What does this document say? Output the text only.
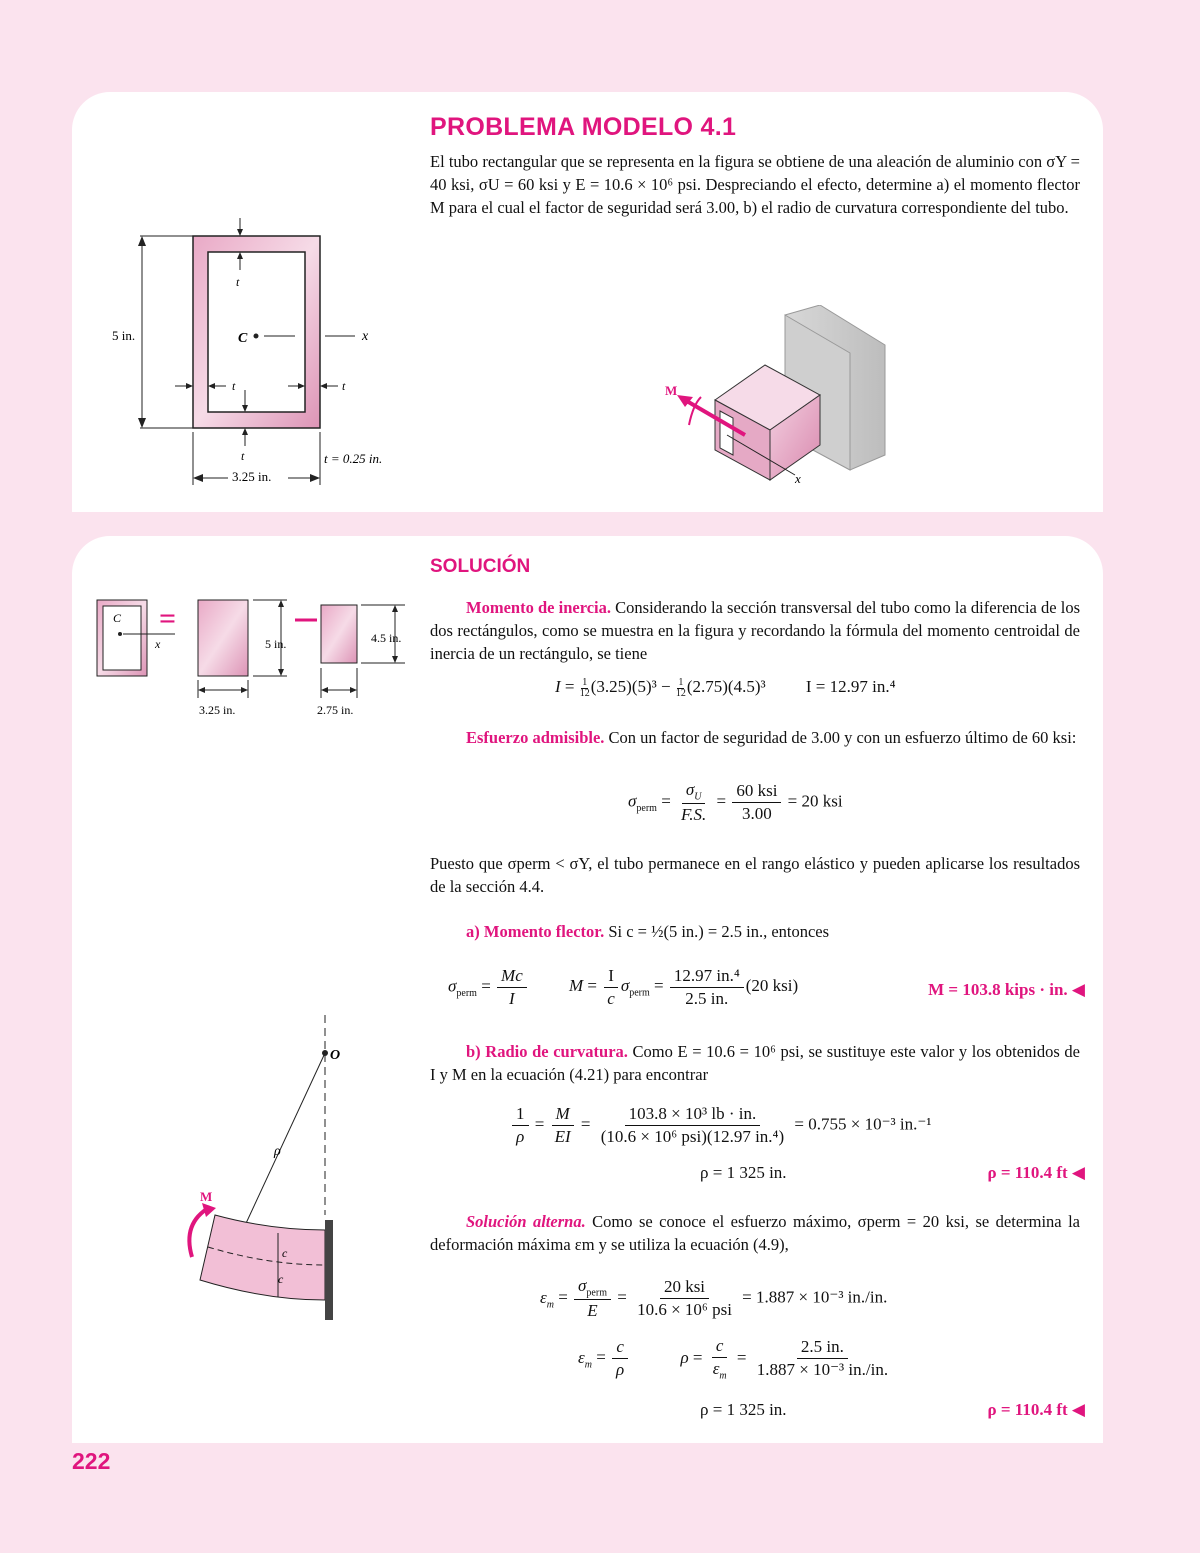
PROBLEMA MODELO 4.1

El tubo rectangular que se representa en la figura se obtiene de una aleación de aluminio con σY = 40 ksi, σU = 60 ksi y E = 10.6 × 10⁶ psi. Despreciando el efecto, determine a) el momento flector M para el cual el factor de seguridad será 3.00, b) el radio de curvatura correspondiente del tubo.

5 in.
3.25 in.
t = 0.25 in.
C	x
t
t	t
t
M
x
SOLUCIÓN
C
x
=
5 in.
3.25 in.
4.5 in.
2.75 in.

Momento de inercia. Considerando la sección transversal del tubo como la diferencia de los dos rectángulos, como se muestra en la figura y recordando la fórmula del momento centroidal de inercia de un rectángulo, se tiene

$I = \frac{1}{12} (3.25)(5)^3 - \frac{1}{12} (2.75)(4.5)^3$ I = 12.97 in.⁴

Esfuerzo admisible. Con un factor de seguridad de 3.00 y con un esfuerzo último de 60 ksi:

$\sigma_{perm} = \frac{\sigma_U}{F.S.} = \frac{\text{60 ksi}}{3.00} = 20$ ksi

Puesto que σperm < σY, el tubo permanece en el rango elástico y pueden aplicarse los resultados de la sección 4.4.

a) Momento flector. Si c = ½(5 in.) = 2.5 in., entonces

$\sigma_{perm} = \frac{Mc}{I}$ $M = \frac{I}{c} \sigma_{perm} = \frac{\text{12.97 in.⁴}}{2.5 in.} (20$ ksi)	M = 103.8 kips · in. ◀

b) Radio de curvatura. Como E = 10.6 = 10⁶ psi, se sustituye este valor y los obtenidos de I y M en la ecuación (4.21) para encontrar

$\frac{1}{\rho} = \frac{M}{EI} = \frac{\text{103.8 × 10³ lb · in.}}{\text{(10.6 × 10⁶ psi)(12.97 in.⁴)}} = 0.755 \times 10^{-3}$ in.⁻¹
ρ = 1 325 in.	ρ = 110.4 ft ◀
O
ρ
c
c
M

Solución alterna. Como se conoce el esfuerzo máximo, σperm = 20 ksi, se determina la deformación máxima εm y se utiliza la ecuación (4.9),

$\varepsilon_m = \frac{\sigma_{perm}}{E} = \frac{\text{20 ksi}}{\text{10.6 × 10⁶ psi}} = 1.887 \times 10^{-3}$ in./in.
$\varepsilon_m = \frac{c}{\rho}$	$\rho = \frac{c}{\varepsilon_m} = \frac{2.5 in.}{\text{1.887 × 10⁻³ in./in.}}$
ρ = 1 325 in.	ρ = 110.4 ft ◀

222
